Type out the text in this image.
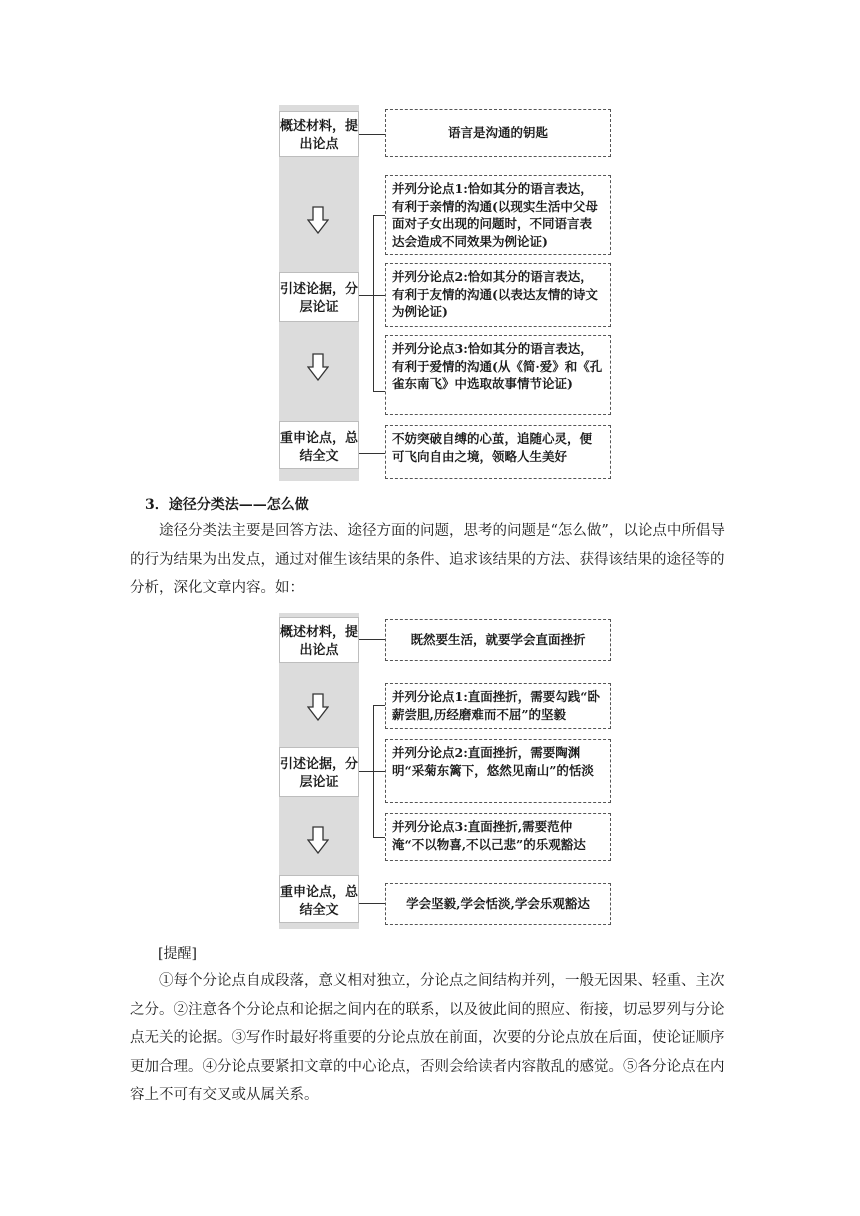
概述材料，提出论点
引述论据，分层论证
重申论点，总结全文
语言是沟通的钥匙
并列分论点1:恰如其分的语言表达，有利于亲情的沟通(以现实生活中父母面对子女出现的问题时，不同语言表达会造成不同效果为例论证)
并列分论点2:恰如其分的语言表达，有利于友情的沟通(以表达友情的诗文为例论证)
并列分论点3:恰如其分的语言表达，有利于爱情的沟通(从《简·爱》和《孔雀东南飞》中选取故事情节论证)
不妨突破自缚的心茧，追随心灵，便可飞向自由之境，领略人生美好
3．途径分类法——怎么做
途径分类法主要是回答方法、途径方面的问题，思考的问题是“怎么做”，以论点中所倡导的行为结果为出发点，通过对催生该结果的条件、追求该结果的方法、获得该结果的途径等的分析，深化文章内容。如：
概述材料，提出论点
引述论据，分层论证
重申论点，总结全文
既然要生活，就要学会直面挫折
并列分论点1:直面挫折，需要勾践“卧薪尝胆,历经磨难而不屈”的坚毅
并列分论点2:直面挫折，需要陶渊明“采菊东篱下，悠然见南山”的恬淡
并列分论点3:直面挫折,需要范仲淹“不以物喜,不以己悲”的乐观豁达
学会坚毅,学会恬淡,学会乐观豁达
[提醒]
①每个分论点自成段落，意义相对独立，分论点之间结构并列，一般无因果、轻重、主次之分。②注意各个分论点和论据之间内在的联系，以及彼此间的照应、衔接，切忌罗列与分论点无关的论据。③写作时最好将重要的分论点放在前面，次要的分论点放在后面，使论证顺序更加合理。④分论点要紧扣文章的中心论点，否则会给读者内容散乱的感觉。⑤各分论点在内容上不可有交叉或从属关系。
